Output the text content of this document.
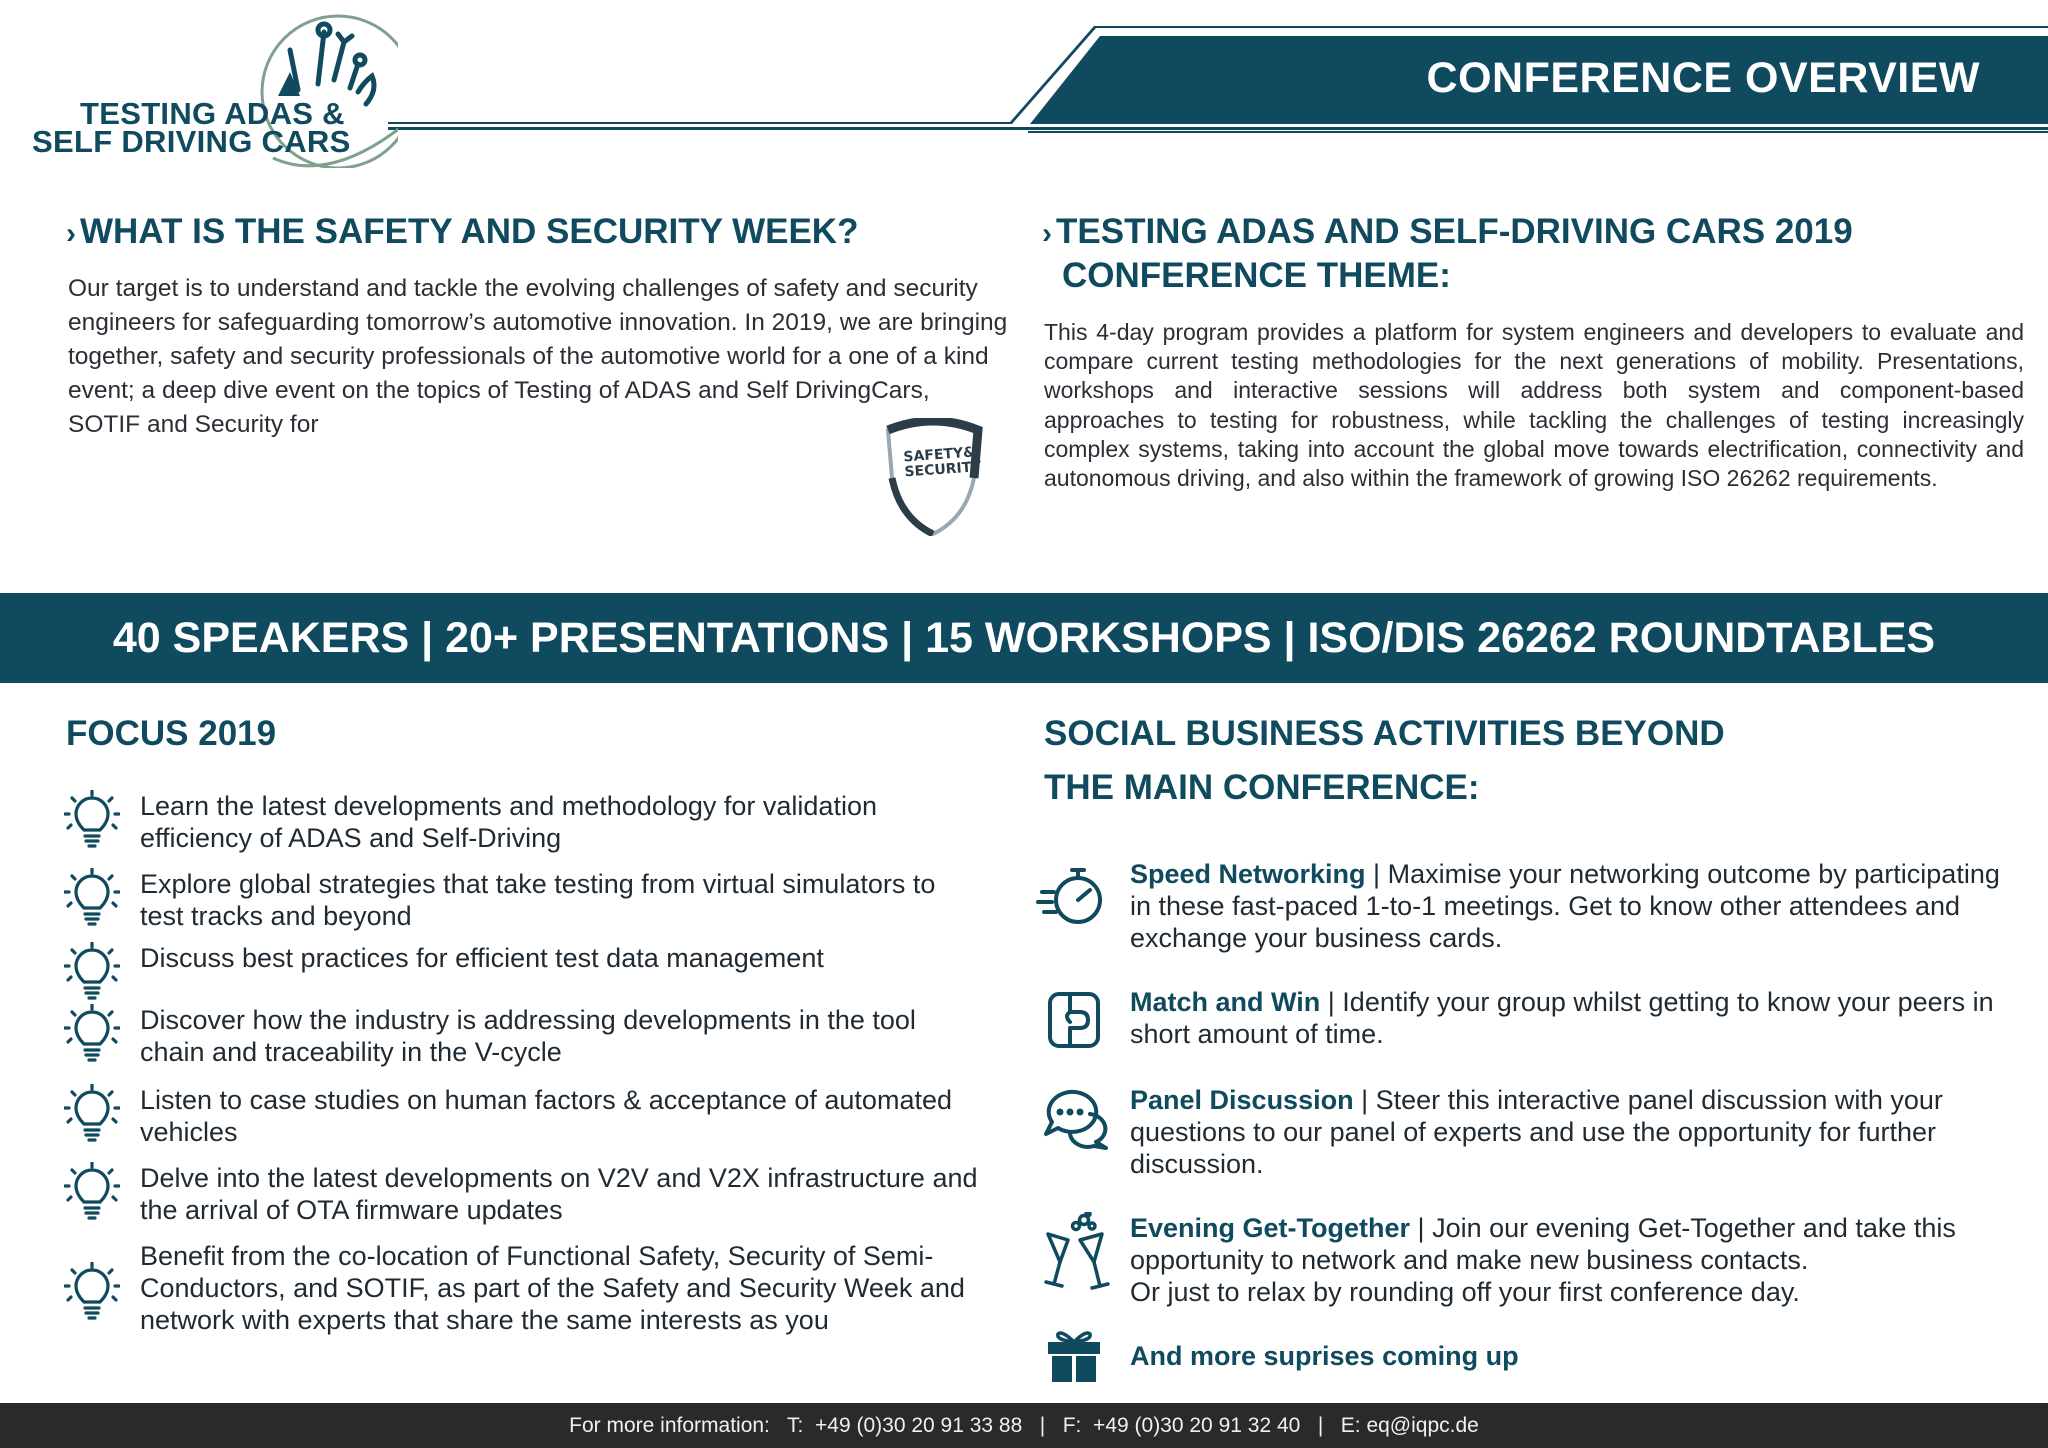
CONFERENCE OVERVIEW
TESTING ADAS &
SELF DRIVING CARS
› WHAT IS THE SAFETY AND SECURITY WEEK?
Our target is to understand and tackle the evolving challenges of safety and security engineers for safeguarding tomorrow’s automotive innovation. In 2019, we are bringing together, safety and security professionals of the automotive world for a one of a kind event; a deep dive event on the topics of Testing of ADAS and Self DrivingCars, SOTIF and Security for
SAFETY& SECURITY
› TESTING ADAS AND SELF-DRIVING CARS 2019
CONFERENCE THEME:
This 4-day program provides a platform for system engineers and developers to evaluate and compare current testing methodologies for the next generations of mobility. Presentations, workshops and interactive sessions will address both system and component-based approaches to testing for robustness, while tackling the challenges of testing increasingly complex systems, taking into account the global move towards electrification, connectivity and autonomous driving, and also within the framework of growing ISO 26262 requirements.
40 SPEAKERS | 20+ PRESENTATIONS | 15 WORKSHOPS | ISO/DIS 26262 ROUNDTABLES
FOCUS 2019
Learn the latest developments and methodology for validation efficiency of ADAS and Self-Driving
Explore global strategies that take testing from virtual simulators to test tracks and beyond
Discuss best practices for efficient test data management
Discover how the industry is addressing developments in the tool chain and traceability in the V-cycle
Listen to case studies on human factors & acceptance of automated vehicles
Delve into the latest developments on V2V and V2X infrastructure and the arrival of OTA firmware updates
Benefit from the co-location of Functional Safety, Security of Semi-Conductors, and SOTIF, as part of the Safety and Security Week and network with experts that share the same interests as you
SOCIAL BUSINESS ACTIVITIES BEYOND
THE MAIN CONFERENCE:
Speed Networking | Maximise your networking outcome by participating in these fast-paced 1-to-1 meetings. Get to know other attendees and exchange your business cards.
Match and Win | Identify your group whilst getting to know your peers in short amount of time.
Panel Discussion | Steer this interactive panel discussion with your questions to our panel of experts and use the opportunity for further discussion.
Evening Get-Together | Join our evening Get-Together and take this opportunity to network and make new business contacts.
Or just to relax by rounding off your first conference day.
And more suprises coming up
For more information:   T:  +49 (0)30 20 91 33 88   |   F:  +49 (0)30 20 91 32 40   |   E: eq@iqpc.de
